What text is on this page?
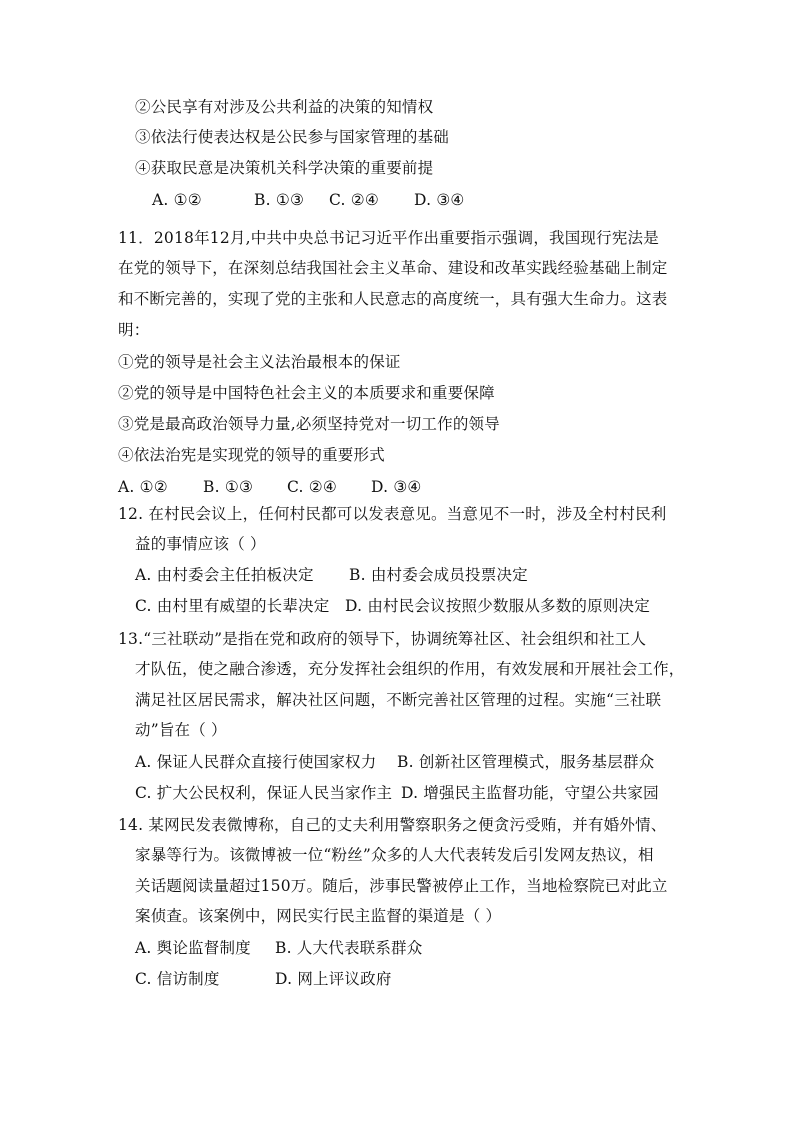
②公民享有对涉及公共利益的决策的知情权
③依法行使表达权是公民参与国家管理的基础
④获取民意是决策机关科学决策的重要前提
A. ①②	B. ①③ C. ②④ D. ③④
11．2018年12月,中共中央总书记习近平作出重要指示强调，我国现行宪法是
在党的领导下，在深刻总结我国社会主义革命、建设和改革实践经验基础上制定
和不断完善的，实现了党的主张和人民意志的高度统一，具有强大生命力。这表
明：
①党的领导是社会主义法治最根本的保证
②党的领导是中国特色社会主义的本质要求和重要保障
③党是最高政治领导力量,必须坚持党对一切工作的领导
④依法治宪是实现党的领导的重要形式
A. ①② B. ①③ C. ②④ D. ③④
12. 在村民会议上，任何村民都可以发表意见。当意见不一时，涉及全村村民利
益的事情应该（ ）
A. 由村委会主任拍板决定 B. 由村委会成员投票决定
C. 由村里有威望的长辈决定 D. 由村民会议按照少数服从多数的原则决定
13.“三社联动”是指在党和政府的领导下，协调统筹社区、社会组织和社工人
才队伍，使之融合渗透，充分发挥社会组织的作用，有效发展和开展社会工作，
满足社区居民需求，解决社区问题，不断完善社区管理的过程。实施“三社联
动”旨在（ ）
A. 保证人民群众直接行使国家权力 B. 创新社区管理模式，服务基层群众
C. 扩大公民权利，保证人民当家作主 D. 增强民主监督功能，守望公共家园
14. 某网民发表微博称，自己的丈夫利用警察职务之便贪污受贿，并有婚外情、
家暴等行为。该微博被一位“粉丝”众多的人大代表转发后引发网友热议，相
关话题阅读量超过150万。随后，涉事民警被停止工作，当地检察院已对此立
案侦查。该案例中，网民实行民主监督的渠道是（ ）
A. 舆论监督制度 B. 人大代表联系群众
C. 信访制度	D. 网上评议政府
